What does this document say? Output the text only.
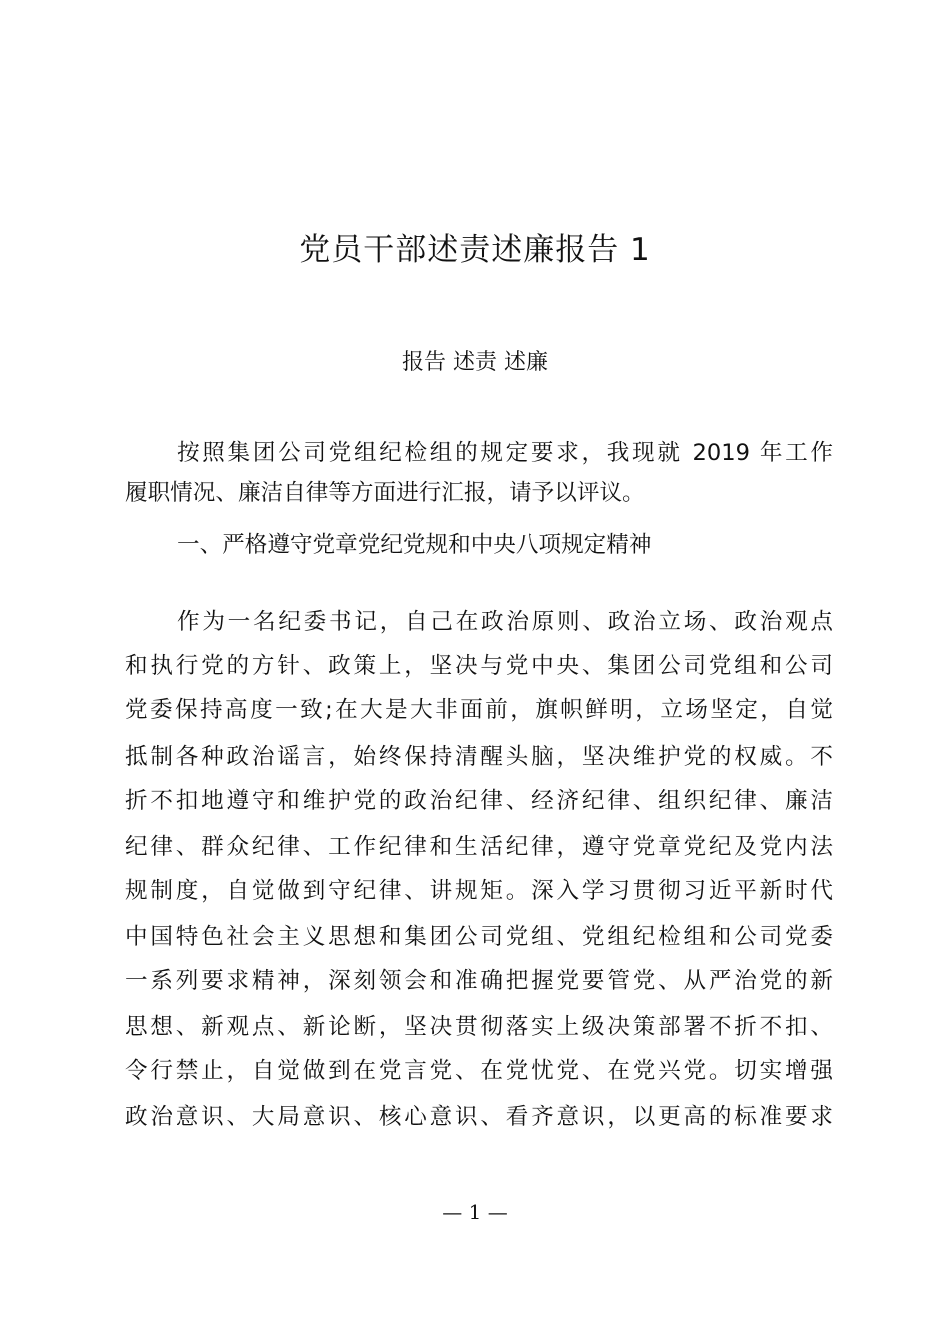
党员干部述责述廉报告 1
报告 述责 述廉
按照集团公司党组纪检组的规定要求，我现就 2019 年工作
履职情况、廉洁自律等方面进行汇报，请予以评议。
一、严格遵守党章党纪党规和中央八项规定精神
作为一名纪委书记，自己在政治原则、政治立场、政治观点
和执行党的方针、政策上，坚决与党中央、集团公司党组和公司
党委保持高度一致;在大是大非面前，旗帜鲜明，立场坚定，自觉
抵制各种政治谣言，始终保持清醒头脑，坚决维护党的权威。不
折不扣地遵守和维护党的政治纪律、经济纪律、组织纪律、廉洁
纪律、群众纪律、工作纪律和生活纪律，遵守党章党纪及党内法
规制度，自觉做到守纪律、讲规矩。深入学习贯彻习近平新时代
中国特色社会主义思想和集团公司党组、党组纪检组和公司党委
一系列要求精神，深刻领会和准确把握党要管党、从严治党的新
思想、新观点、新论断，坚决贯彻落实上级决策部署不折不扣、
令行禁止，自觉做到在党言党、在党忧党、在党兴党。切实增强
政治意识、大局意识、核心意识、看齐意识，以更高的标准要求
— 1 —
